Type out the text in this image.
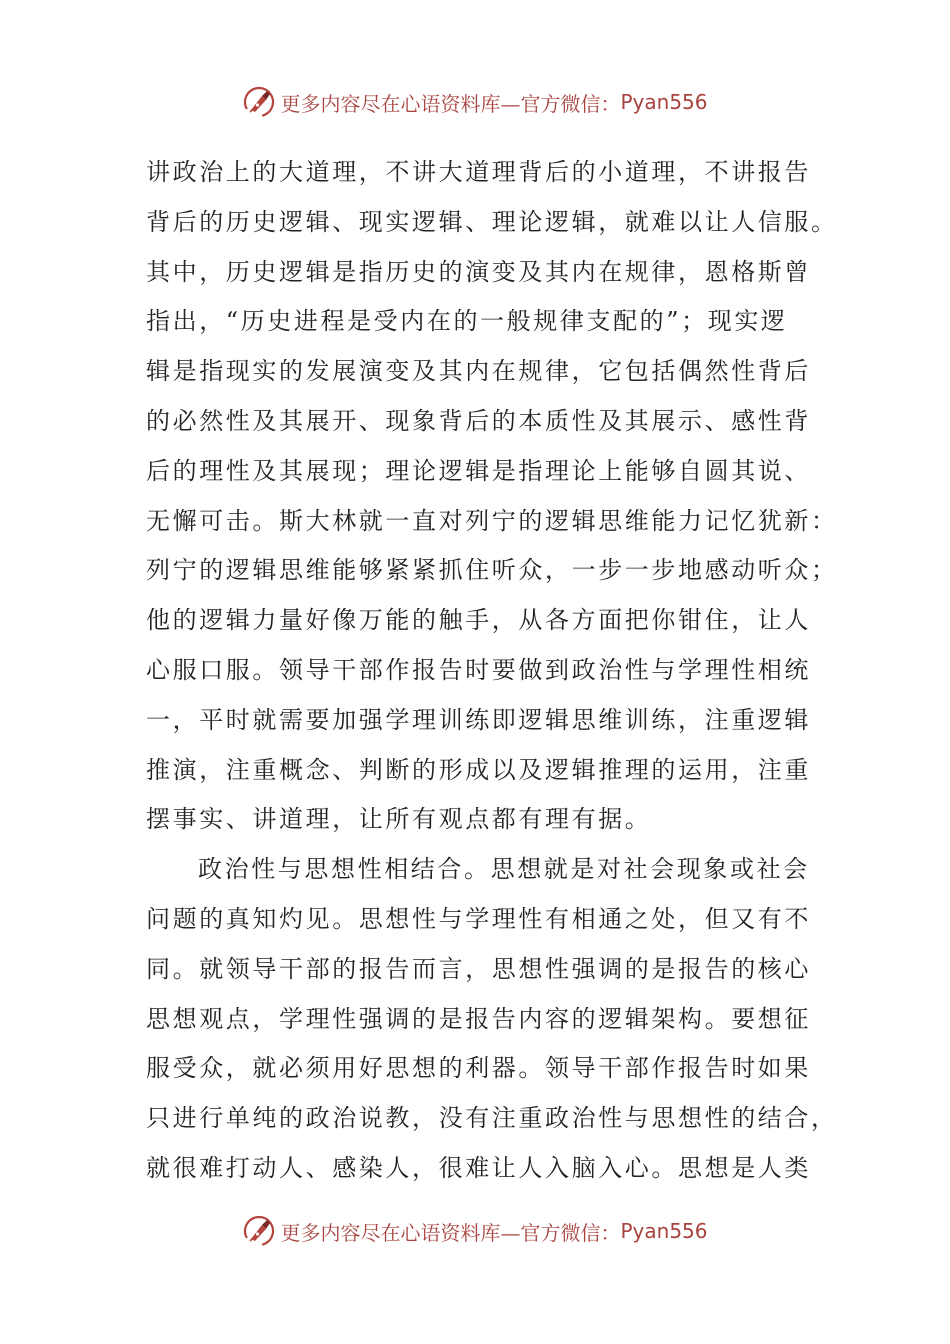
更多内容尽在心语资料库—官方微信： Pyan556
讲政治上的大道理，不讲大道理背后的小道理，不讲报告
背后的历史逻辑、现实逻辑、理论逻辑，就难以让人信服。
其中，历史逻辑是指历史的演变及其内在规律，恩格斯曾
指出，“历史进程是受内在的一般规律支配的”；现实逻
辑是指现实的发展演变及其内在规律，它包括偶然性背后
的必然性及其展开、现象背后的本质性及其展示、感性背
后的理性及其展现；理论逻辑是指理论上能够自圆其说、
无懈可击。斯大林就一直对列宁的逻辑思维能力记忆犹新：
列宁的逻辑思维能够紧紧抓住听众，一步一步地感动听众；
他的逻辑力量好像万能的触手，从各方面把你钳住，让人
心服口服。领导干部作报告时要做到政治性与学理性相统
一，平时就需要加强学理训练即逻辑思维训练，注重逻辑
推演，注重概念、判断的形成以及逻辑推理的运用，注重
摆事实、讲道理，让所有观点都有理有据。
政治性与思想性相结合。思想就是对社会现象或社会
问题的真知灼见。思想性与学理性有相通之处，但又有不
同。就领导干部的报告而言，思想性强调的是报告的核心
思想观点，学理性强调的是报告内容的逻辑架构。要想征
服受众，就必须用好思想的利器。领导干部作报告时如果
只进行单纯的政治说教，没有注重政治性与思想性的结合，
就很难打动人、感染人，很难让人入脑入心。思想是人类
更多内容尽在心语资料库—官方微信： Pyan556
